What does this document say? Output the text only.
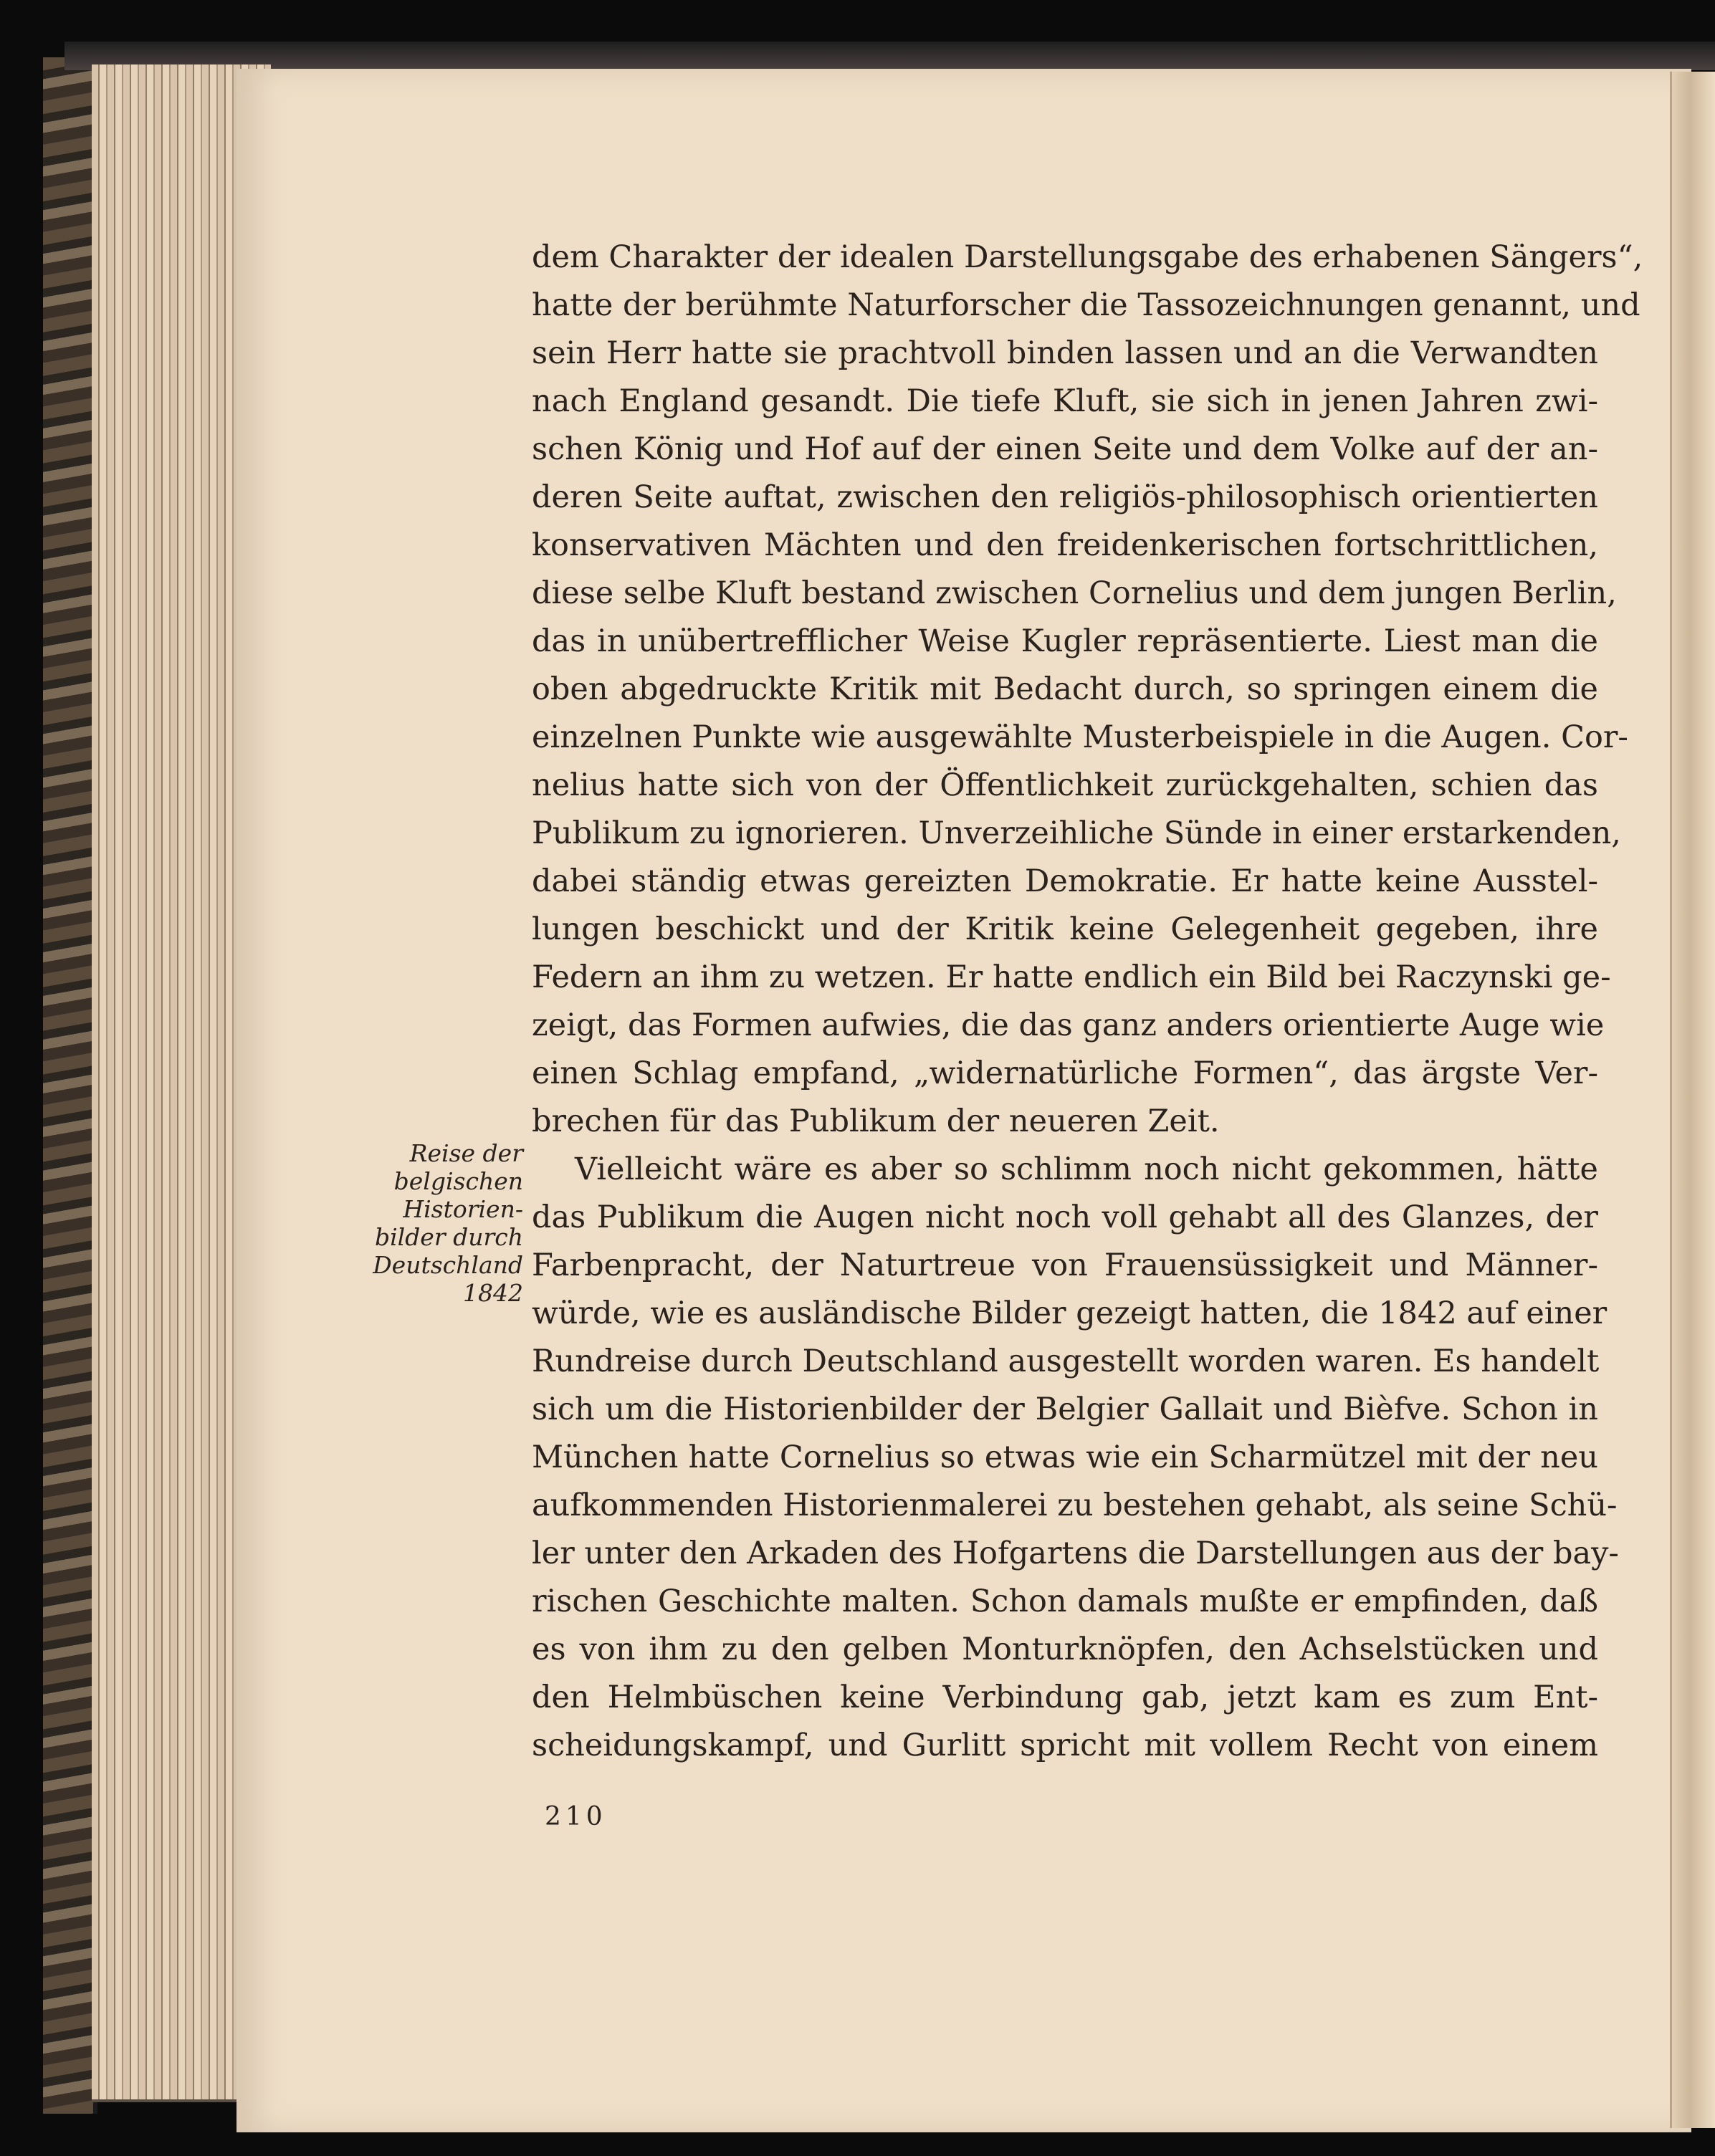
Reise der
belgischen
Historien-
bilder durch
Deutschland
1842
dem Charakter der idealen Darstellungsgabe des erhabenen Sängers“,
hatte der berühmte Naturforscher die Tassozeichnungen genannt, und
sein Herr hatte sie prachtvoll binden lassen und an die Verwandten
nach England gesandt. Die tiefe Kluft, sie sich in jenen Jahren zwi-
schen König und Hof auf der einen Seite und dem Volke auf der an-
deren Seite auftat, zwischen den religiös-philosophisch orientierten
konservativen Mächten und den freidenkerischen fortschrittlichen,
diese selbe Kluft bestand zwischen Cornelius und dem jungen Berlin,
das in unübertrefflicher Weise Kugler repräsentierte. Liest man die
oben abgedruckte Kritik mit Bedacht durch, so springen einem die
einzelnen Punkte wie ausgewählte Musterbeispiele in die Augen. Cor-
nelius hatte sich von der Öffentlichkeit zurückgehalten, schien das
Publikum zu ignorieren. Unverzeihliche Sünde in einer erstarkenden,
dabei ständig etwas gereizten Demokratie. Er hatte keine Ausstel-
lungen beschickt und der Kritik keine Gelegenheit gegeben, ihre
Federn an ihm zu wetzen. Er hatte endlich ein Bild bei Raczynski ge-
zeigt, das Formen aufwies, die das ganz anders orientierte Auge wie
einen Schlag empfand, „widernatürliche Formen“, das ärgste Ver-
brechen für das Publikum der neueren Zeit.
Vielleicht wäre es aber so schlimm noch nicht gekommen, hätte
das Publikum die Augen nicht noch voll gehabt all des Glanzes, der
Farbenpracht, der Naturtreue von Frauensüssigkeit und Männer-
würde, wie es ausländische Bilder gezeigt hatten, die 1842 auf einer
Rundreise durch Deutschland ausgestellt worden waren. Es handelt
sich um die Historienbilder der Belgier Gallait und Bièfve. Schon in
München hatte Cornelius so etwas wie ein Scharmützel mit der neu
aufkommenden Historienmalerei zu bestehen gehabt, als seine Schü-
ler unter den Arkaden des Hofgartens die Darstellungen aus der bay-
rischen Geschichte malten. Schon damals mußte er empfinden, daß
es von ihm zu den gelben Monturknöpfen, den Achselstücken und
den Helmbüschen keine Verbindung gab, jetzt kam es zum Ent-
scheidungskampf, und Gurlitt spricht mit vollem Recht von einem
210
